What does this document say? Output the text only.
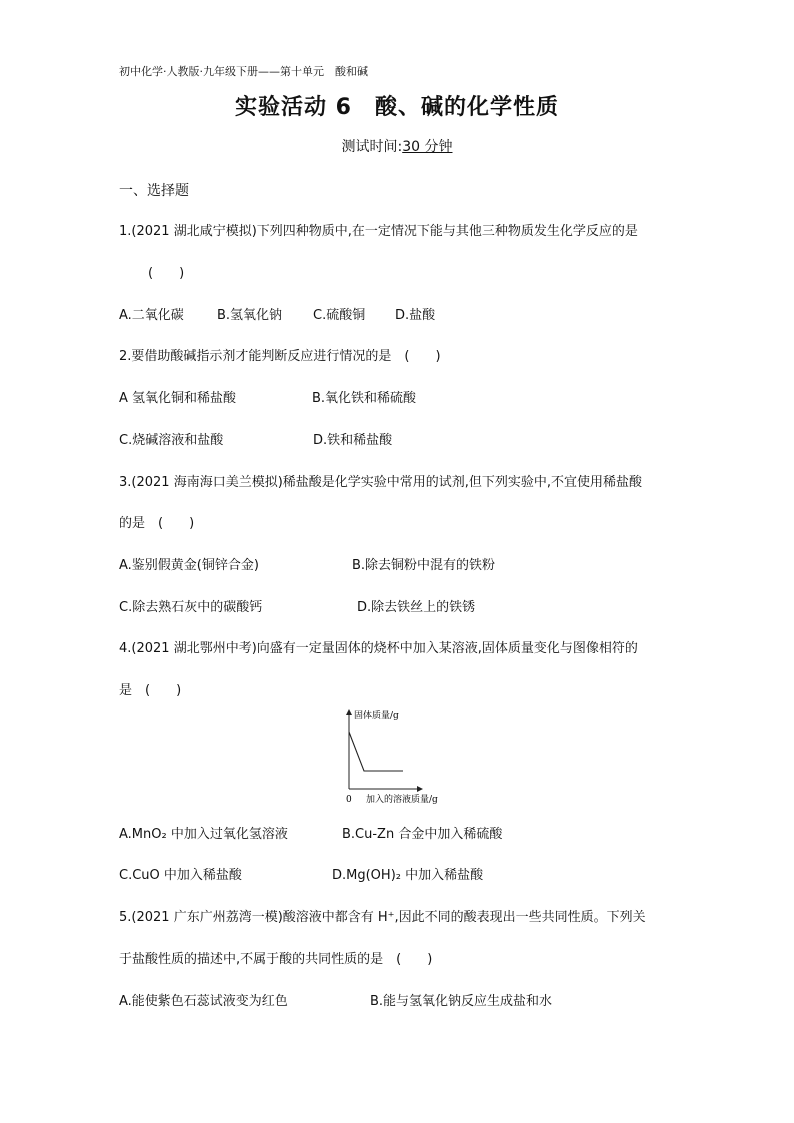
初中化学·人教版·九年级下册——第十单元　酸和碱
实验活动 6　酸、碱的化学性质
测试时间:30 分钟
一、选择题
1.(2021 湖北咸宁模拟)下列四种物质中,在一定情况下能与其他三种物质发生化学反应的是
(　　)
A.二氧化碳	B.氢氧化钠 C.硫酸铜 D.盐酸
2.要借助酸碱指示剂才能判断反应进行情况的是　(　　)
A 氢氧化铜和稀盐酸	B.氧化铁和稀硫酸
C.烧碱溶液和盐酸	D.铁和稀盐酸
3.(2021 海南海口美兰模拟)稀盐酸是化学实验中常用的试剂,但下列实验中,不宜使用稀盐酸
的是　(　　)
A.鉴别假黄金(铜锌合金)	B.除去铜粉中混有的铁粉
C.除去熟石灰中的碳酸钙	D.除去铁丝上的铁锈
4.(2021 湖北鄂州中考)向盛有一定量固体的烧杯中加入某溶液,固体质量变化与图像相符的
是　(　　)
固体质量/g
0 加入的溶液质量/g
A.MnO₂ 中加入过氧化氢溶液	B.Cu-Zn 合金中加入稀硫酸
C.CuO 中加入稀盐酸	D.Mg(OH)₂ 中加入稀盐酸
5.(2021 广东广州荔湾一模)酸溶液中都含有 H⁺,因此不同的酸表现出一些共同性质。下列关
于盐酸性质的描述中,不属于酸的共同性质的是　(　　)
A.能使紫色石蕊试液变为红色	B.能与氢氧化钠反应生成盐和水
